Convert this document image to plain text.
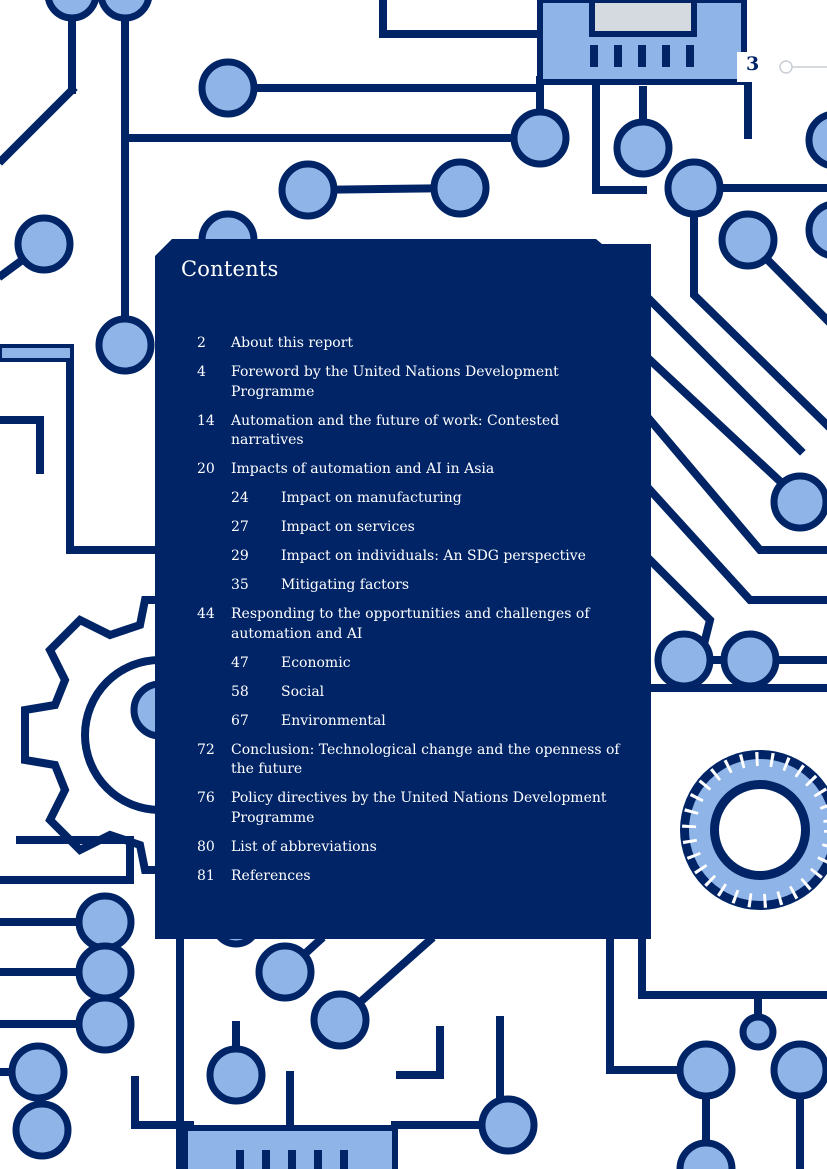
3
Contents
2 About this report
4 Foreword by the United Nations Development Programme
14 Automation and the future of work: Contested narratives
20 Impacts of automation and AI in Asia
24 Impact on manufacturing
27 Impact on services
29 Impact on individuals: An SDG perspective
35 Mitigating factors
44 Responding to the opportunities and challenges of automation and AI
47 Economic
58 Social
67 Environmental
72 Conclusion: Technological change and the openness of the future
76 Policy directives by the United Nations Development Programme
80 List of abbreviations
81 References
